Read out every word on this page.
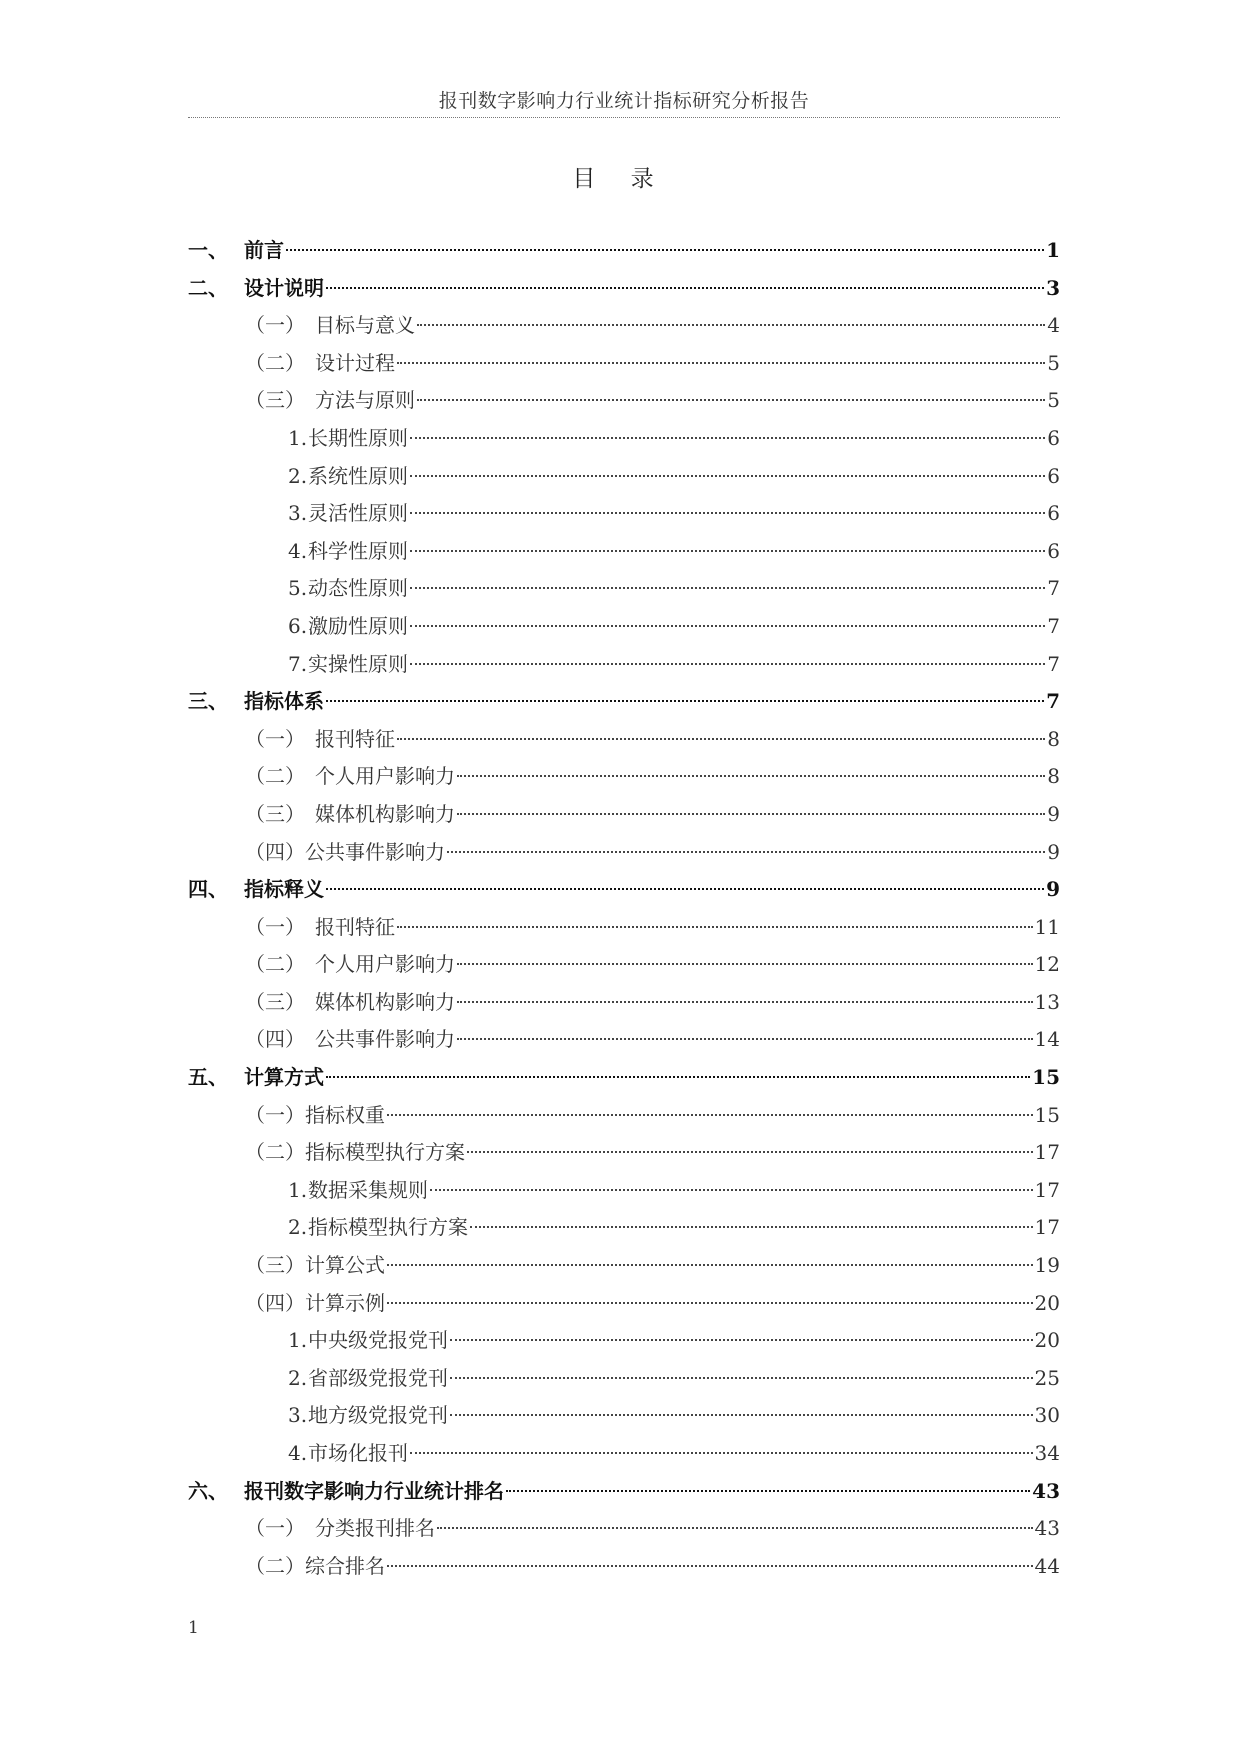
报刊数字影响力行业统计指标研究分析报告
目 录
一、 前言	1
二、 设计说明	3
（一） 目标与意义	4
（二） 设计过程	5
（三） 方法与原则	5
1. 长期性原则	6
2. 系统性原则	6
3. 灵活性原则	6
4. 科学性原则	6
5. 动态性原则	7
6. 激励性原则	7
7. 实操性原则	7
三、 指标体系	7
（一） 报刊特征	8
（二） 个人用户影响力	8
（三） 媒体机构影响力	9
（四） 公共事件影响力	9
四、 指标释义	9
（一） 报刊特征	11
（二） 个人用户影响力	12
（三） 媒体机构影响力	13
（四） 公共事件影响力	14
五、 计算方式	15
（一） 指标权重	15
（二） 指标模型执行方案	17
1. 数据采集规则	17
2. 指标模型执行方案	17
（三） 计算公式	19
（四） 计算示例	20
1. 中央级党报党刊	20
2. 省部级党报党刊	25
3. 地方级党报党刊	30
4. 市场化报刊	34
六、 报刊数字影响力行业统计排名	43
（一） 分类报刊排名	43
（二） 综合排名	44
1
